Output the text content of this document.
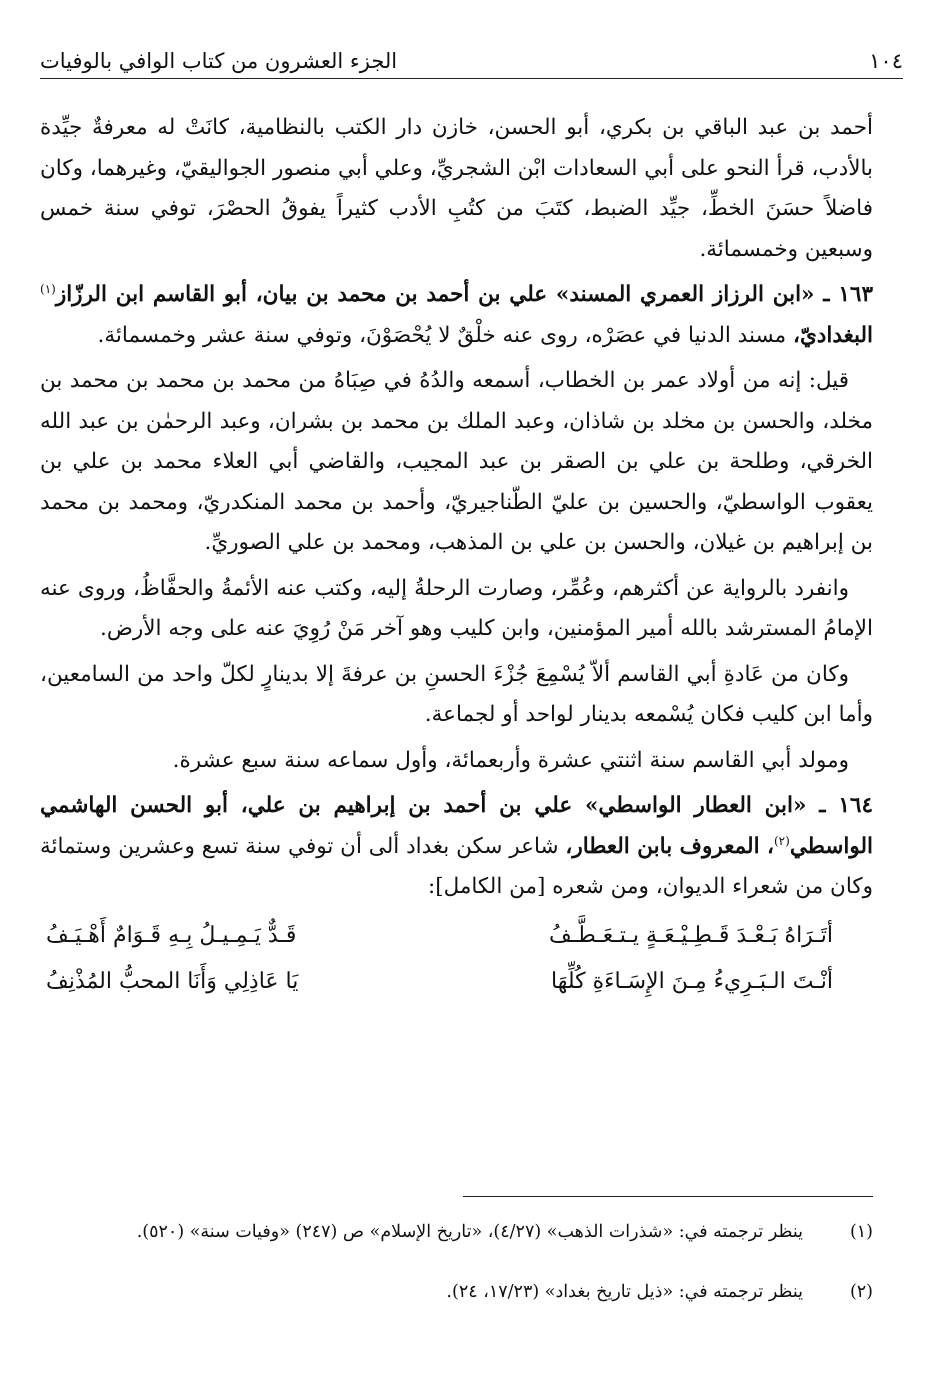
١٠٤
الجزء العشرون من كتاب الوافي بالوفيات

أحمد بن عبد الباقي بن بكري، أبو الحسن، خازن دار الكتب بالنظامية، كانَتْ له معرفةٌ جيِّدة بالأدب، قرأ النحو على أبي السعادات ابْن الشجريِّ، وعلي أبي منصور الجواليقيّ، وغيرهما، وكان فاضلاً حسَنَ الخطِّ، جيِّد الضبط، كتَبَ من كتُبِ الأدب كثيراً يفوقُ الحصْرَ، توفي سنة خمس وسبعين وخمسمائة.

١٦٣ ـ «ابن الرزاز العمري المسند» علي بن أحمد بن محمد بن بيان، أبو القاسم ابن الرزّاز$^{(١)}$ البغداديّ، مسند الدنيا في عصَرْه، روى عنه خلْقٌ لا يُحْصَوْنَ، وتوفي سنة عشر وخمسمائة.

قيل: إنه من أولاد عمر بن الخطاب، أسمعه والدُهُ في صِبَاهُ من محمد بن محمد بن محمد بن مخلد، والحسن بن مخلد بن شاذان، وعبد الملك بن محمد بن بشران، وعبد الرحمٰن بن عبد الله الخرقي، وطلحة بن علي بن الصقر بن عبد المجيب، والقاضي أبي العلاء محمد بن علي بن يعقوب الواسطيّ، والحسين بن عليّ الطّناجيريّ، وأحمد بن محمد المنكدريّ، ومحمد بن محمد بن إبراهيم بن غيلان، والحسن بن علي بن المذهب، ومحمد بن علي الصوريِّ.

وانفرد بالرواية عن أكثرهم، وعُمِّر، وصارت الرحلةُ إليه، وكتب عنه الأئمةُ والحفَّاظُ، وروى عنه الإمامُ المسترشد بالله أمير المؤمنين، وابن كليب وهو آخر مَنْ رُوِيَ عنه على وجه الأرض.

وكان من عَادةِ أبي القاسم ألاّ يُسْمِعَ جُزْءَ الحسنِ بن عرفةَ إلا بدينارٍ لكلّ واحد من السامعين، وأما ابن كليب فكان يُسْمعه بدينار لواحد أو لجماعة.

ومولد أبي القاسم سنة اثنتي عشرة وأربعمائة، وأول سماعه سنة سبع عشرة.

١٦٤ ـ «ابن العطار الواسطي» علي بن أحمد بن إبراهيم بن علي، أبو الحسن الهاشمي الواسطي$^{(٢)}$، المعروف بابن العطار، شاعر سكن بغداد ألى أن توفي سنة تسع وعشرين وستمائة وكان من شعراء الديوان، ومن شعره [من الكامل]:

أتَـرَاهُ بَـعْـدَ قَـطِـيْـعَـةٍ يـتـعَـطَّـفُ
قَـدٌّ يَـمِـيـلُ بِـهِ قَـوَامٌ أَهْـيَـفُ
أنْـتَ الـبَـرِيءُ مِـنَ الإِسَـاءَةِ كُلِّهَا
يَا عَاذِلِي وَأَنَا المحبُّ المُذْنِفُ
(١)
ينظر ترجمته في: «شذرات الذهب» (٤/٢٧)، «تاريخ الإسلام» ص (٢٤٧) «وفيات سنة» (٥٢٠).
(٢)
ينظر ترجمته في: «ذيل تاريخ بغداد» (١٧/٢٣، ٢٤).
